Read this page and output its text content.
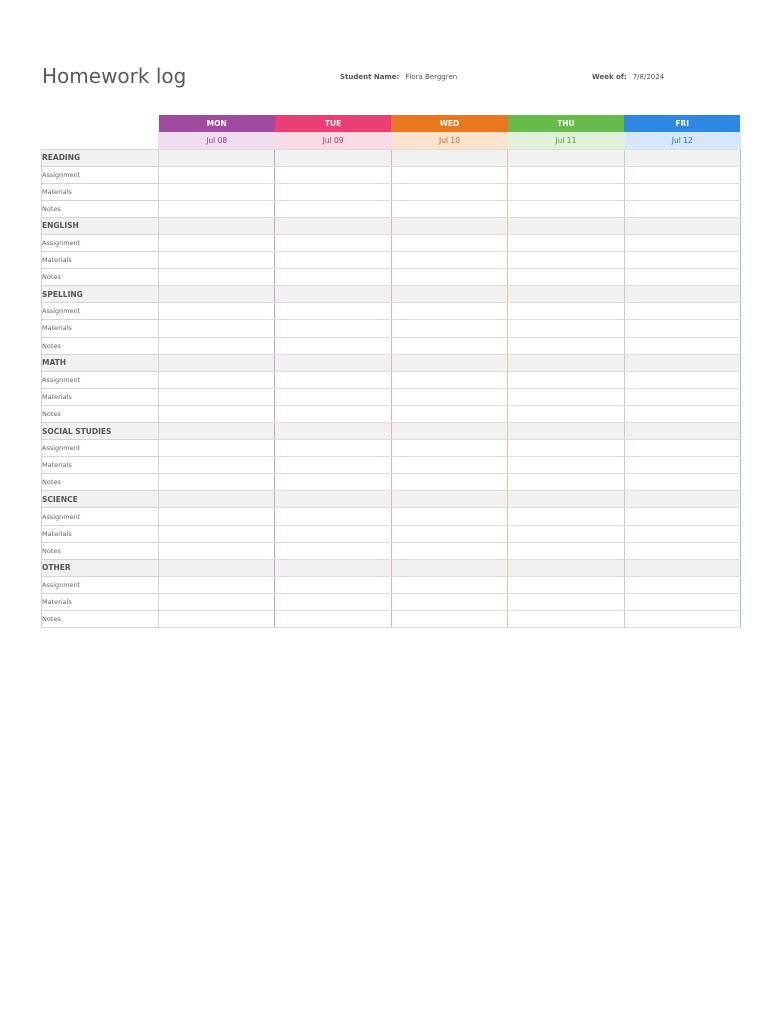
Homework log	Student Name: Flora Berggren	Week of: 7/8/2024
	MON	TUE	WED	THU	FRI
	Jul 08	Jul 09	Jul 10	Jul 11	Jul 12
READING					
Assignment					
Materials					
Notes					
ENGLISH					
Assignment					
Materials					
Notes					
SPELLING					
Assignment					
Materials					
Notes					
MATH					
Assignment					
Materials					
Notes					
SOCIAL STUDIES					
Assignment					
Materials					
Notes					
SCIENCE					
Assignment					
Materials					
Notes					
OTHER					
Assignment					
Materials					
Notes					
